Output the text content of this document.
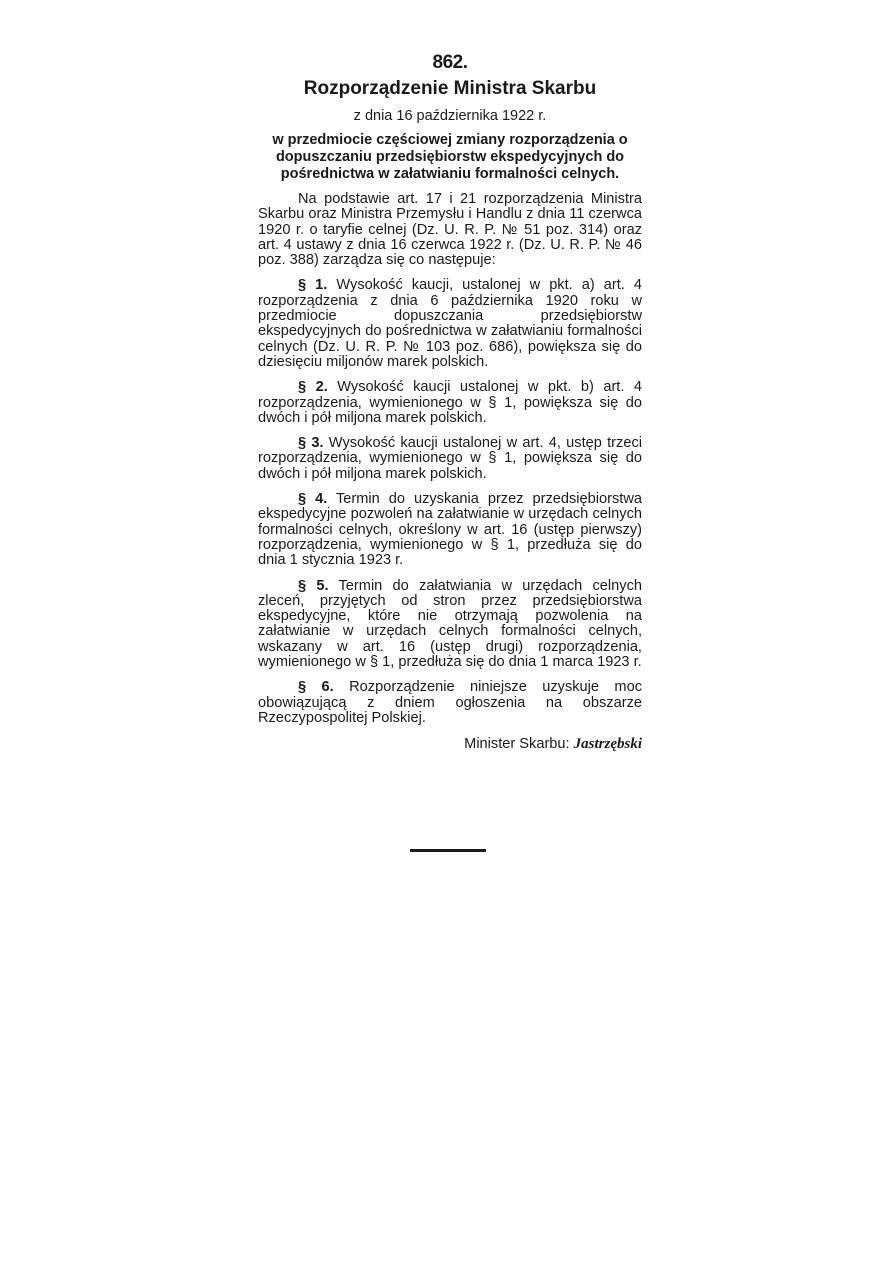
862.
Rozporządzenie Ministra Skarbu
z dnia 16 października 1922 r.
w przedmiocie częściowej zmiany rozporządzenia o dopuszczaniu przedsiębiorstw ekspedycyjnych do pośrednictwa w załatwianiu formalności celnych.

Na podstawie art. 17 i 21 rozporządzenia Ministra Skarbu oraz Ministra Przemysłu i Handlu z dnia 11 czerwca 1920 r. o taryfie celnej (Dz. U. R. P. № 51 poz. 314) oraz art. 4 ustawy z dnia 16 czerwca 1922 r. (Dz. U. R. P. № 46 poz. 388) zarządza się co następuje:

§ 1. Wysokość kaucji, ustalonej w pkt. a) art. 4 rozporządzenia z dnia 6 października 1920 roku w przedmiocie dopuszczania przedsiębiorstw ekspedycyjnych do pośrednictwa w załatwianiu formalności celnych (Dz. U. R. P. № 103 poz. 686), powiększa się do dziesięciu miljonów marek polskich.

§ 2. Wysokość kaucji ustalonej w pkt. b) art. 4 rozporządzenia, wymienionego w § 1, powiększa się do dwóch i pół miljona marek polskich.

§ 3. Wysokość kaucji ustalonej w art. 4, ustęp trzeci rozporządzenia, wymienionego w § 1, powiększa się do dwóch i pół miljona marek polskich.

§ 4. Termin do uzyskania przez przedsiębiorstwa ekspedycyjne pozwoleń na załatwianie w urzędach celnych formalności celnych, określony w art. 16 (ustęp pierwszy) rozporządzenia, wymienionego w § 1, przedłuża się do dnia 1 stycznia 1923 r.

§ 5. Termin do załatwiania w urzędach celnych zleceń, przyjętych od stron przez przedsiębiorstwa ekspedycyjne, które nie otrzymają pozwolenia na załatwianie w urzędach celnych formalności celnych, wskazany w art. 16 (ustęp drugi) rozporządzenia, wymienionego w § 1, przedłuża się do dnia 1 marca 1923 r.

§ 6. Rozporządzenie niniejsze uzyskuje moc obowiązującą z dniem ogłoszenia na obszarze Rzeczypospolitej Polskiej.

Minister Skarbu: Jastrzębski
